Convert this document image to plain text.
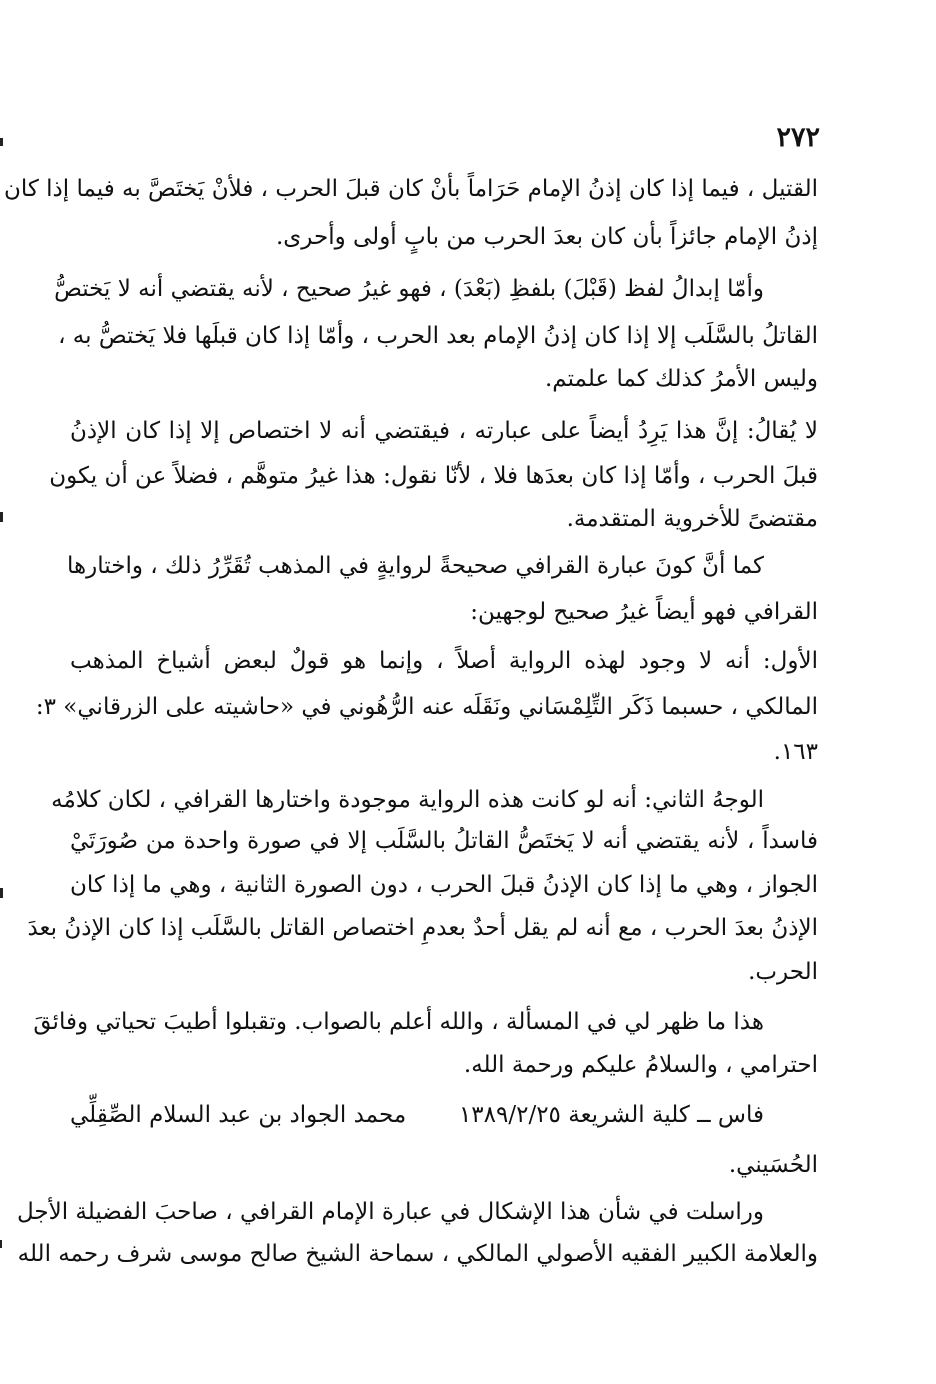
٢٧٢
القتيل ، فيما إذا كان إذنُ الإمام حَرَاماً بأنْ كان قبلَ الحرب ، فلأنْ يَختَصَّ به فيما إذا كان
إذنُ الإمام جائزاً بأن كان بعدَ الحرب من بابٍ أولى وأحرى.
وأمّا إبدالُ لفظ (قَبْلَ) بلفظِ (بَعْدَ) ، فهو غيرُ صحيح ، لأنه يقتضي أنه لا يَختصُّ
القاتلُ بالسَّلَب إلا إذا كان إذنُ الإمام بعد الحرب ، وأمّا إذا كان قبلَها فلا يَختصُّ به ،
وليس الأمرُ كذلك كما علمتم.
لا يُقالُ: إنَّ هذا يَرِدُ أيضاً على عبارته ، فيقتضي أنه لا اختصاص إلا إذا كان الإذنُ
قبلَ الحرب ، وأمّا إذا كان بعدَها فلا ، لأنّا نقول: هذا غيرُ متوهَّم ، فضلاً عن أن يكون
مقتضىً للأخروية المتقدمة.
كما أنَّ كونَ عبارة القرافي صحيحةً لروايةٍ في المذهب تُقَرِّرُ ذلك ، واختارها
القرافي فهو أيضاً غيرُ صحيح لوجهين:
الأول: أنه لا وجود لهذه الرواية أصلاً ، وإنما هو قولٌ لبعض أشياخ المذهب
المالكي ، حسبما ذَكَر التِّلِمْسَاني ونَقَلَه عنه الرُّهُوني في «حاشيته على الزرقاني» ٣:
١٦٣.
الوجهُ الثاني: أنه لو كانت هذه الرواية موجودة واختارها القرافي ، لكان كلامُه
فاسداً ، لأنه يقتضي أنه لا يَختَصُّ القاتلُ بالسَّلَب إلا في صورة واحدة من صُورَتَيْ
الجواز ، وهي ما إذا كان الإذنُ قبلَ الحرب ، دون الصورة الثانية ، وهي ما إذا كان
الإذنُ بعدَ الحرب ، مع أنه لم يقل أحدٌ بعدمِ اختصاص القاتل بالسَّلَب إذا كان الإذنُ بعدَ
الحرب.
هذا ما ظهر لي في المسألة ، والله أعلم بالصواب. وتقبلوا أطيبَ تحياتي وفائقَ
احترامي ، والسلامُ عليكم ورحمة الله.
فاس ــ كلية الشريعة ١٣٨٩/٢/٢٥
محمد الجواد بن عبد السلام الصِّقِلِّي
الحُسَيني.
وراسلت في شأن هذا الإشكال في عبارة الإمام القرافي ، صاحبَ الفضيلة الأجل
والعلامة الكبير الفقيه الأصولي المالكي ، سماحة الشيخ صالح موسى شرف رحمه الله
